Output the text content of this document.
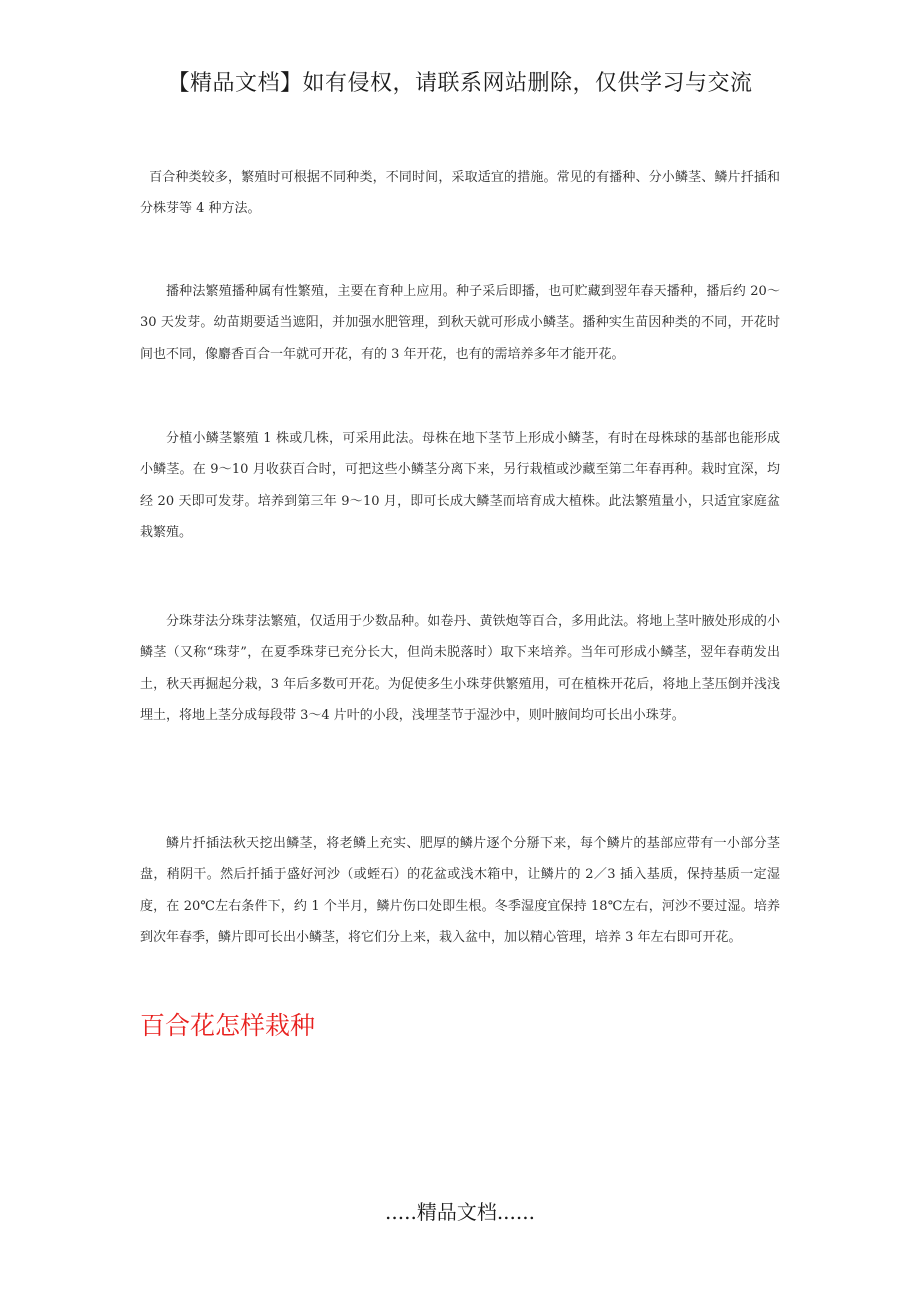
【精品文档】如有侵权，请联系网站删除，仅供学习与交流

百合种类较多，繁殖时可根据不同种类，不同时间，采取适宜的措施。常见的有播种、分小鳞茎、鳞片扦插和分株芽等 4 种方法。

播种法繁殖播种属有性繁殖，主要在育种上应用。种子采后即播，也可贮藏到翌年春天播种，播后约 20～30 天发芽。幼苗期要适当遮阳，并加强水肥管理，到秋天就可形成小鳞茎。播种实生苗因种类的不同，开花时间也不同，像麝香百合一年就可开花，有的 3 年开花，也有的需培养多年才能开花。

分植小鳞茎繁殖 1 株或几株，可采用此法。母株在地下茎节上形成小鳞茎，有时在母株球的基部也能形成小鳞茎。在 9～10 月收获百合时，可把这些小鳞茎分离下来，另行栽植或沙藏至第二年春再种。栽时宜深，均经 20 天即可发芽。培养到第三年 9～10 月，即可长成大鳞茎而培育成大植株。此法繁殖量小，只适宜家庭盆栽繁殖。

分珠芽法分珠芽法繁殖，仅适用于少数品种。如卷丹、黄铁炮等百合，多用此法。将地上茎叶腋处形成的小鳞茎（又称“珠芽”，在夏季珠芽已充分长大，但尚未脱落时）取下来培养。当年可形成小鳞茎，翌年春萌发出土，秋天再掘起分栽，3 年后多数可开花。为促使多生小珠芽供繁殖用，可在植株开花后，将地上茎压倒并浅浅埋土，将地上茎分成每段带 3～4 片叶的小段，浅埋茎节于湿沙中，则叶腋间均可长出小珠芽。

鳞片扦插法秋天挖出鳞茎，将老鳞上充实、肥厚的鳞片逐个分掰下来，每个鳞片的基部应带有一小部分茎盘，稍阴干。然后扦插于盛好河沙（或蛭石）的花盆或浅木箱中，让鳞片的 2／3 插入基质，保持基质一定湿度，在 20℃左右条件下，约 1 个半月，鳞片伤口处即生根。冬季湿度宜保持 18℃左右，河沙不要过湿。培养到次年春季，鳞片即可长出小鳞茎，将它们分上来，栽入盆中，加以精心管理，培养 3 年左右即可开花。

百合花怎样栽种
.....精品文档......
